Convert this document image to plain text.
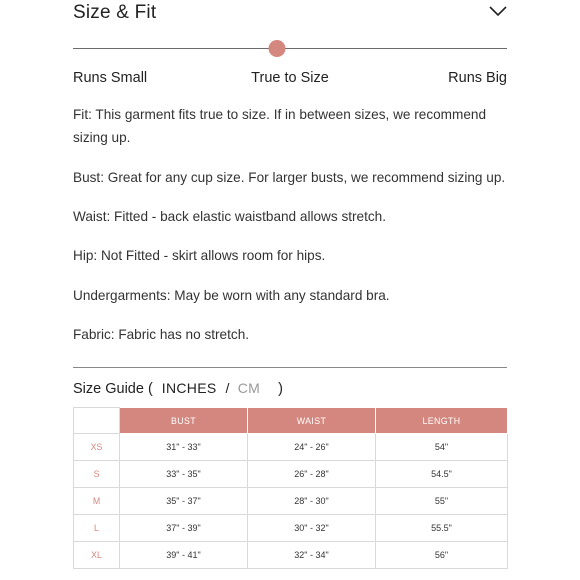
Size & Fit
Runs Small	True to Size	Runs Big
Fit: This garment fits true to size. If in between sizes, we recommend sizing up.
Bust: Great for any cup size. For larger busts, we recommend sizing up.
Waist: Fitted - back elastic waistband allows stretch.
Hip: Not Fitted - skirt allows room for hips.
Undergarments: May be worn with any standard bra.
Fabric: Fabric has no stretch.
Size Guide ( INCHES / CM )
	BUST	WAIST	LENGTH
XS	31" - 33"	24" - 26"	54"
S	33" - 35"	26" - 28"	54.5"
M	35" - 37"	28" - 30"	55"
L	37" - 39"	30" - 32"	55.5"
XL	39" - 41"	32" - 34"	56"
